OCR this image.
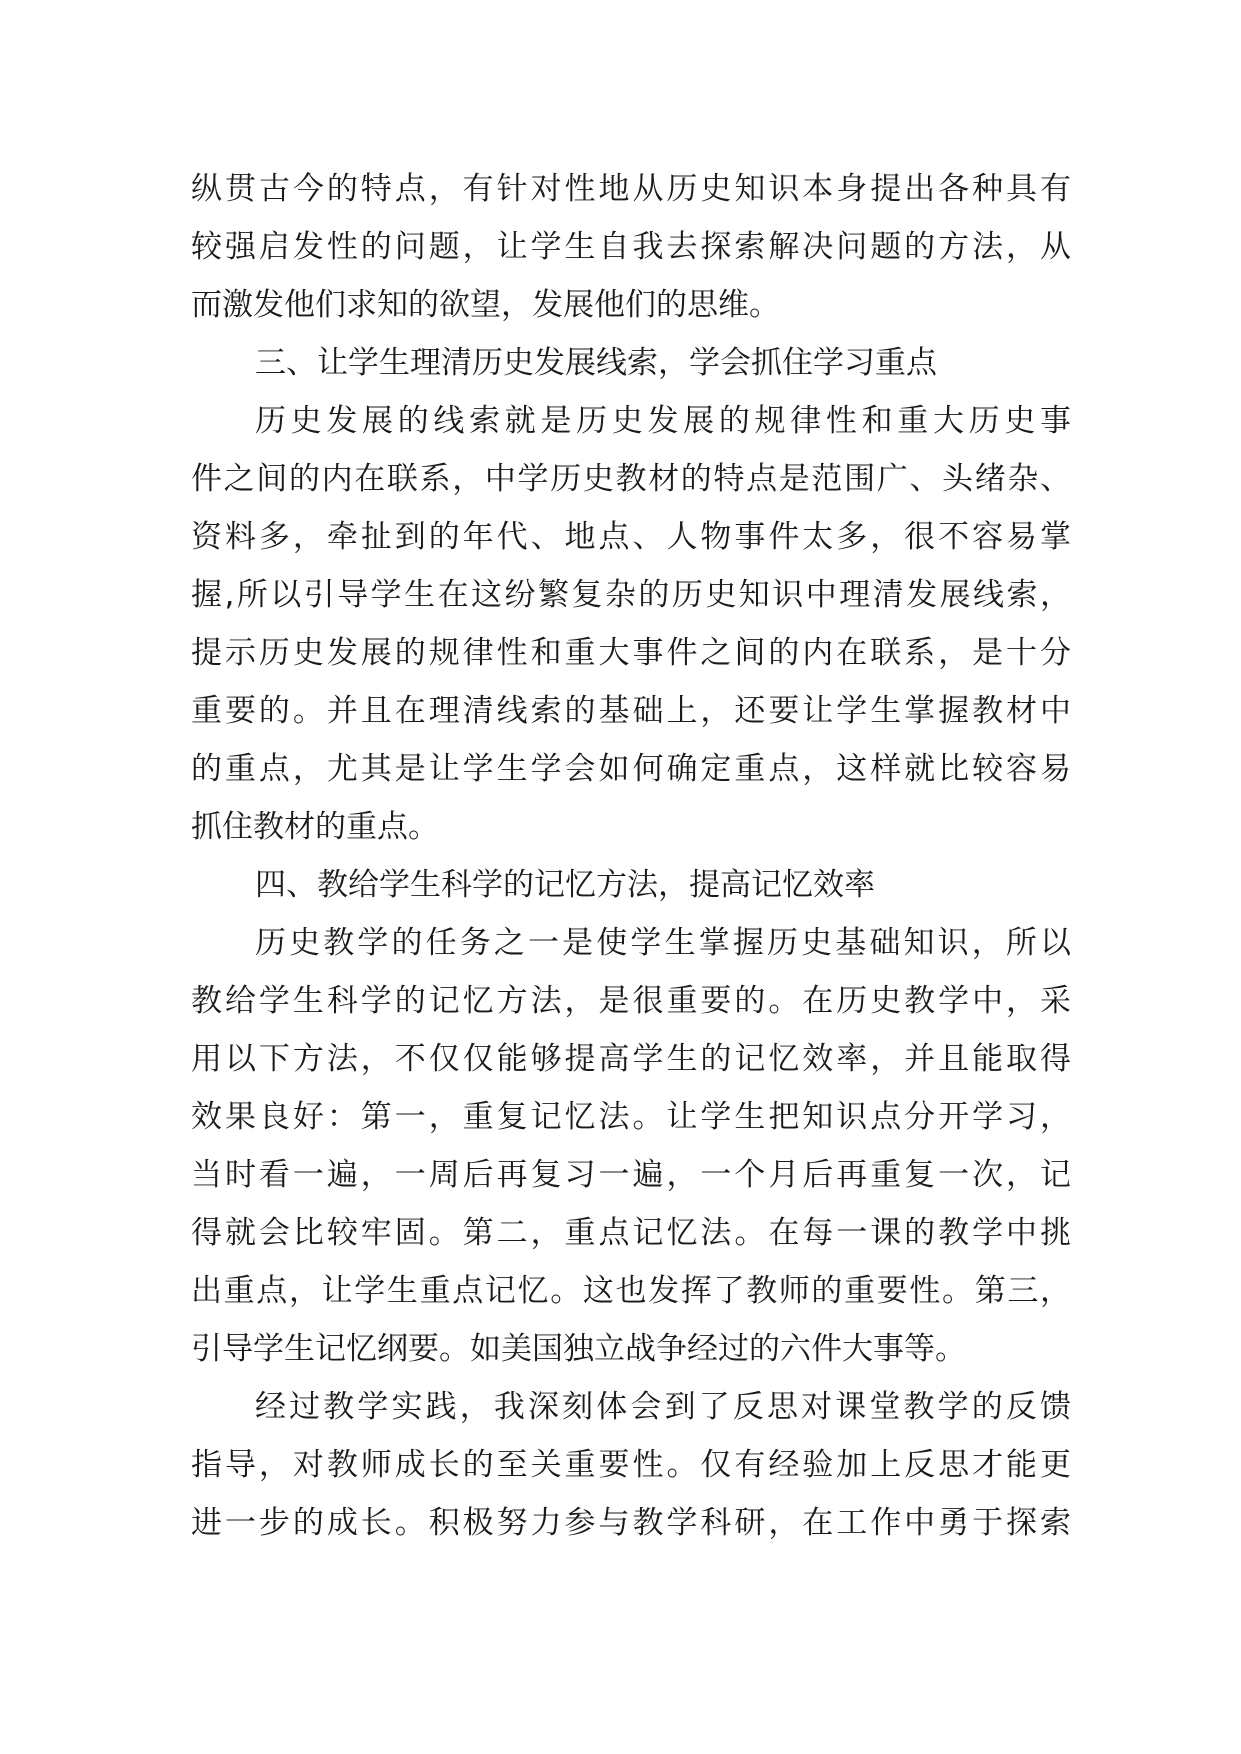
纵贯古今的特点，有针对性地从历史知识本身提出各种具有
较强启发性的问题，让学生自我去探索解决问题的方法，从
而激发他们求知的欲望，发展他们的思维。
三、让学生理清历史发展线索，学会抓住学习重点
历史发展的线索就是历史发展的规律性和重大历史事
件之间的内在联系，中学历史教材的特点是范围广、头绪杂、
资料多，牵扯到的年代、地点、人物事件太多，很不容易掌
握,所以引导学生在这纷繁复杂的历史知识中理清发展线索，
提示历史发展的规律性和重大事件之间的内在联系，是十分
重要的。并且在理清线索的基础上，还要让学生掌握教材中
的重点，尤其是让学生学会如何确定重点，这样就比较容易
抓住教材的重点。
四、教给学生科学的记忆方法，提高记忆效率
历史教学的任务之一是使学生掌握历史基础知识，所以
教给学生科学的记忆方法，是很重要的。在历史教学中，采
用以下方法，不仅仅能够提高学生的记忆效率，并且能取得
效果良好：第一，重复记忆法。让学生把知识点分开学习，
当时看一遍，一周后再复习一遍，一个月后再重复一次，记
得就会比较牢固。第二，重点记忆法。在每一课的教学中挑
出重点，让学生重点记忆。这也发挥了教师的重要性。第三，
引导学生记忆纲要。如美国独立战争经过的六件大事等。
经过教学实践，我深刻体会到了反思对课堂教学的反馈
指导，对教师成长的至关重要性。仅有经验加上反思才能更
进一步的成长。积极努力参与教学科研，在工作中勇于探索
